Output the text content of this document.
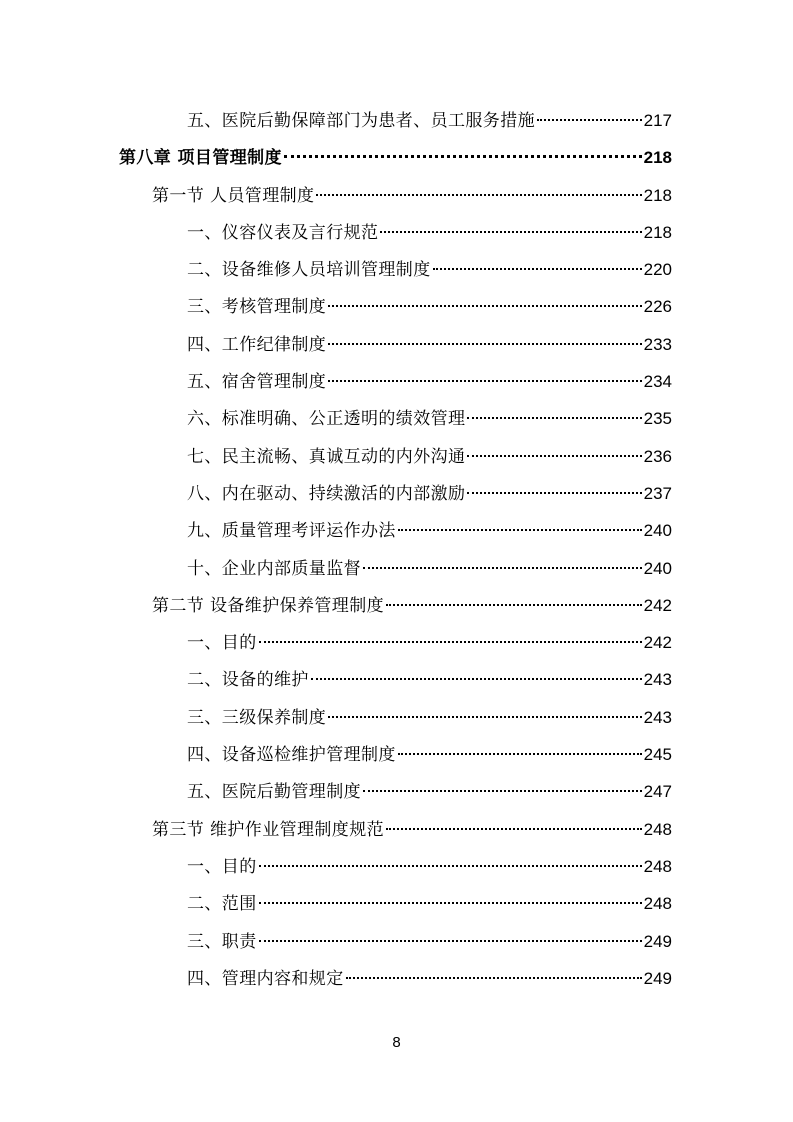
五、医院后勤保障部门为患者、员工服务措施	217
第八章 项目管理制度	218
第一节 人员管理制度	218
一、仪容仪表及言行规范	218
二、设备维修人员培训管理制度	220
三、考核管理制度	226
四、工作纪律制度	233
五、宿舍管理制度	234
六、标准明确、公正透明的绩效管理	235
七、民主流畅、真诚互动的内外沟通	236
八、内在驱动、持续激活的内部激励	237
九、质量管理考评运作办法	240
十、企业内部质量监督	240
第二节 设备维护保养管理制度	242
一、目的	242
二、设备的维护	243
三、三级保养制度	243
四、设备巡检维护管理制度	245
五、医院后勤管理制度	247
第三节 维护作业管理制度规范	248
一、目的	248
二、范围	248
三、职责	249
四、管理内容和规定	249
8
